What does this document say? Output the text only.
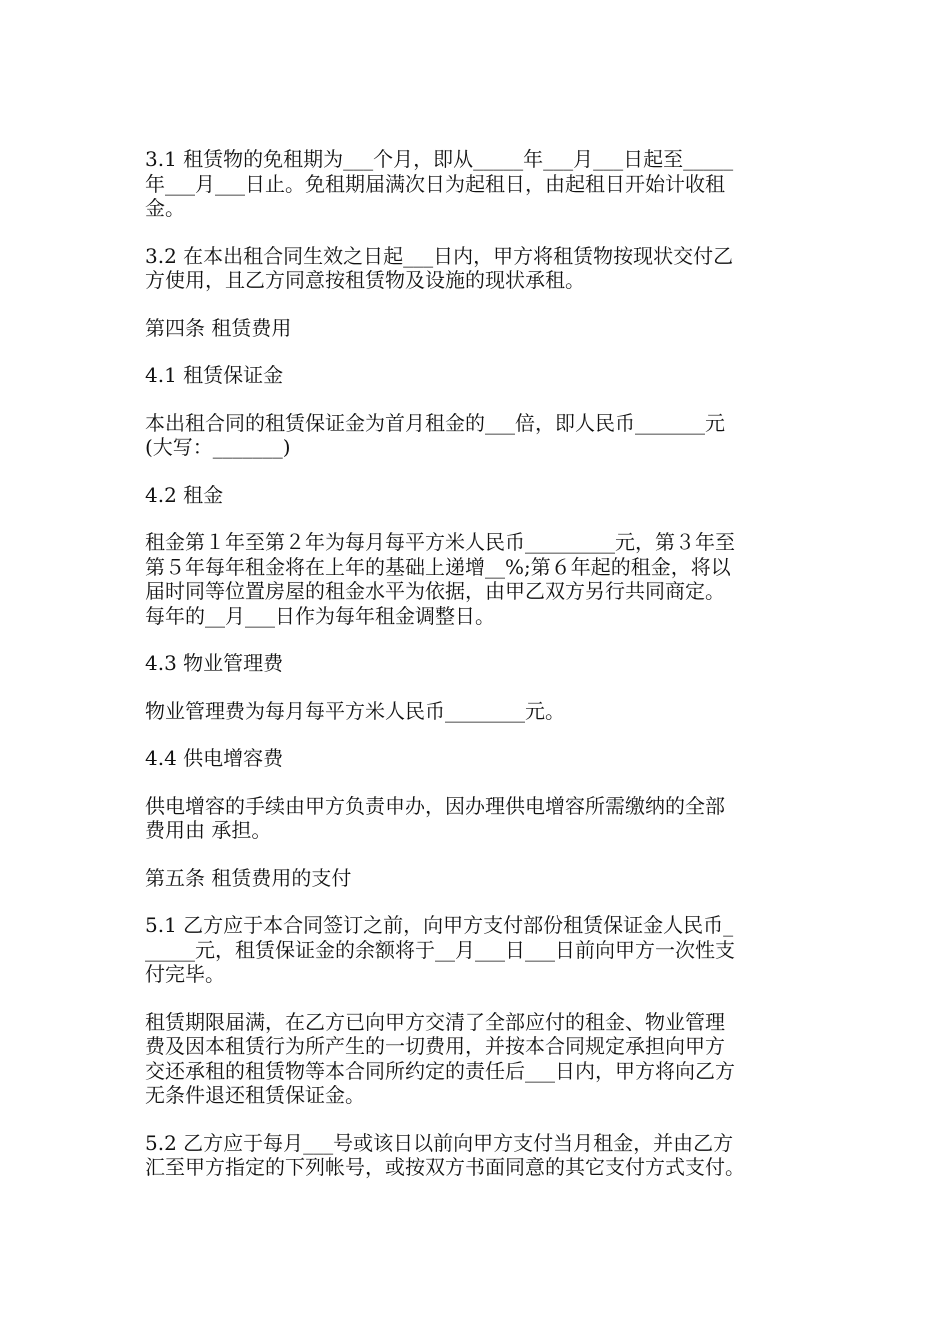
3.1 租赁物的免租期为___个月，即从_____年___月___日起至_____
年___月___日止。免租期届满次日为起租日，由起租日开始计收租
金。

3.2 在本出租合同生效之日起___日内，甲方将租赁物按现状交付乙
方使用，且乙方同意按租赁物及设施的现状承租。

第四条 租赁费用

4.1 租赁保证金

本出租合同的租赁保证金为首月租金的___倍，即人民币_______元
(大写：_______)

4.2 租金

租金第１年至第２年为每月每平方米人民币_________元，第３年至
第５年每年租金将在上年的基础上递增__%;第６年起的租金，将以
届时同等位置房屋的租金水平为依据，由甲乙双方另行共同商定。
每年的__月___日作为每年租金调整日。

4.3 物业管理费

物业管理费为每月每平方米人民币________元。

4.4 供电增容费

供电增容的手续由甲方负责申办，因办理供电增容所需缴纳的全部
费用由 承担。

第五条 租赁费用的支付

5.1 乙方应于本合同签订之前，向甲方支付部份租赁保证金人民币_
_____元，租赁保证金的余额将于__月___日___日前向甲方一次性支
付完毕。

租赁期限届满，在乙方已向甲方交清了全部应付的租金、物业管理
费及因本租赁行为所产生的一切费用，并按本合同规定承担向甲方
交还承租的租赁物等本合同所约定的责任后___日内，甲方将向乙方
无条件退还租赁保证金。

5.2 乙方应于每月___号或该日以前向甲方支付当月租金，并由乙方
汇至甲方指定的下列帐号，或按双方书面同意的其它支付方式支付。
